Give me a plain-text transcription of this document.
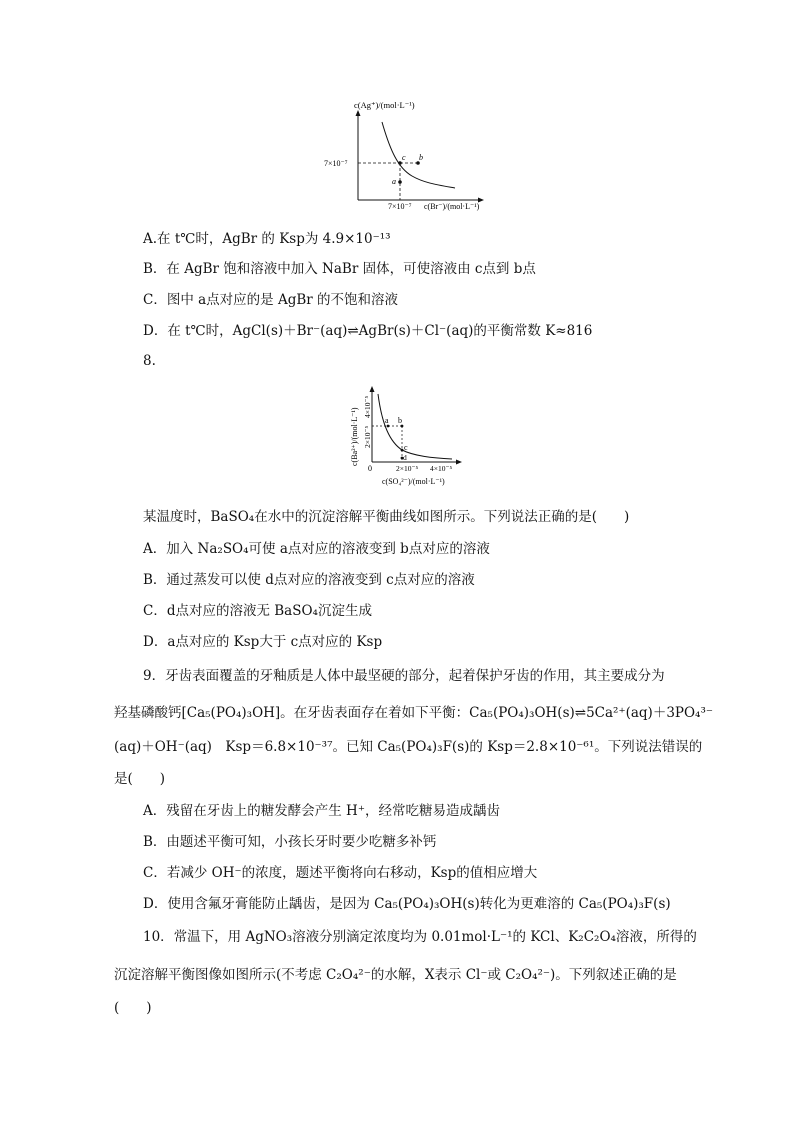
c(Ag⁺)/(mol·L⁻¹)
7×10⁻⁷
7×10⁻⁷ c(Br⁻)/(mol·L⁻¹)
c b
a
A.在 t℃时，AgBr 的 Ksp为 4.9×10⁻¹³
B．在 AgBr 饱和溶液中加入 NaBr 固体，可使溶液由 c点到 b点
C．图中 a点对应的是 AgBr 的不饱和溶液
D．在 t℃时，AgCl(s)＋Br⁻(aq)⇌AgBr(s)＋Cl⁻(aq)的平衡常数 K≈816
8.
a b
c
d
c(Ba²⁺)/(mol·L⁻¹) 2×10⁻⁵
4×10⁻⁵
0	2×10⁻⁵ 4×10⁻⁵
c(SO₄²⁻)/(mol·L⁻¹)
某温度时，BaSO₄在水中的沉淀溶解平衡曲线如图所示。下列说法正确的是(　　)
A．加入 Na₂SO₄可使 a点对应的溶液变到 b点对应的溶液
B．通过蒸发可以使 d点对应的溶液变到 c点对应的溶液
C．d点对应的溶液无 BaSO₄沉淀生成
D．a点对应的 Ksp大于 c点对应的 Ksp
9．牙齿表面覆盖的牙釉质是人体中最坚硬的部分，起着保护牙齿的作用，其主要成分为
羟基磷酸钙[Ca₅(PO₄)₃OH]。在牙齿表面存在着如下平衡：Ca₅(PO₄)₃OH(s)⇌5Ca²⁺(aq)＋3PO₄³⁻
(aq)＋OH⁻(aq)　Ksp＝6.8×10⁻³⁷。已知 Ca₅(PO₄)₃F(s)的 Ksp＝2.8×10⁻⁶¹。下列说法错误的
是(　　)
A．残留在牙齿上的糖发酵会产生 H⁺，经常吃糖易造成龋齿
B．由题述平衡可知，小孩长牙时要少吃糖多补钙
C．若减少 OH⁻的浓度，题述平衡将向右移动，Ksp的值相应增大
D．使用含氟牙膏能防止龋齿，是因为 Ca₅(PO₄)₃OH(s)转化为更难溶的 Ca₅(PO₄)₃F(s)
10．常温下，用 AgNO₃溶液分别滴定浓度均为 0.01mol·L⁻¹的 KCl、K₂C₂O₄溶液，所得的
沉淀溶解平衡图像如图所示(不考虑 C₂O₄²⁻的水解，X表示 Cl⁻或 C₂O₄²⁻)。下列叙述正确的是
(　　)
